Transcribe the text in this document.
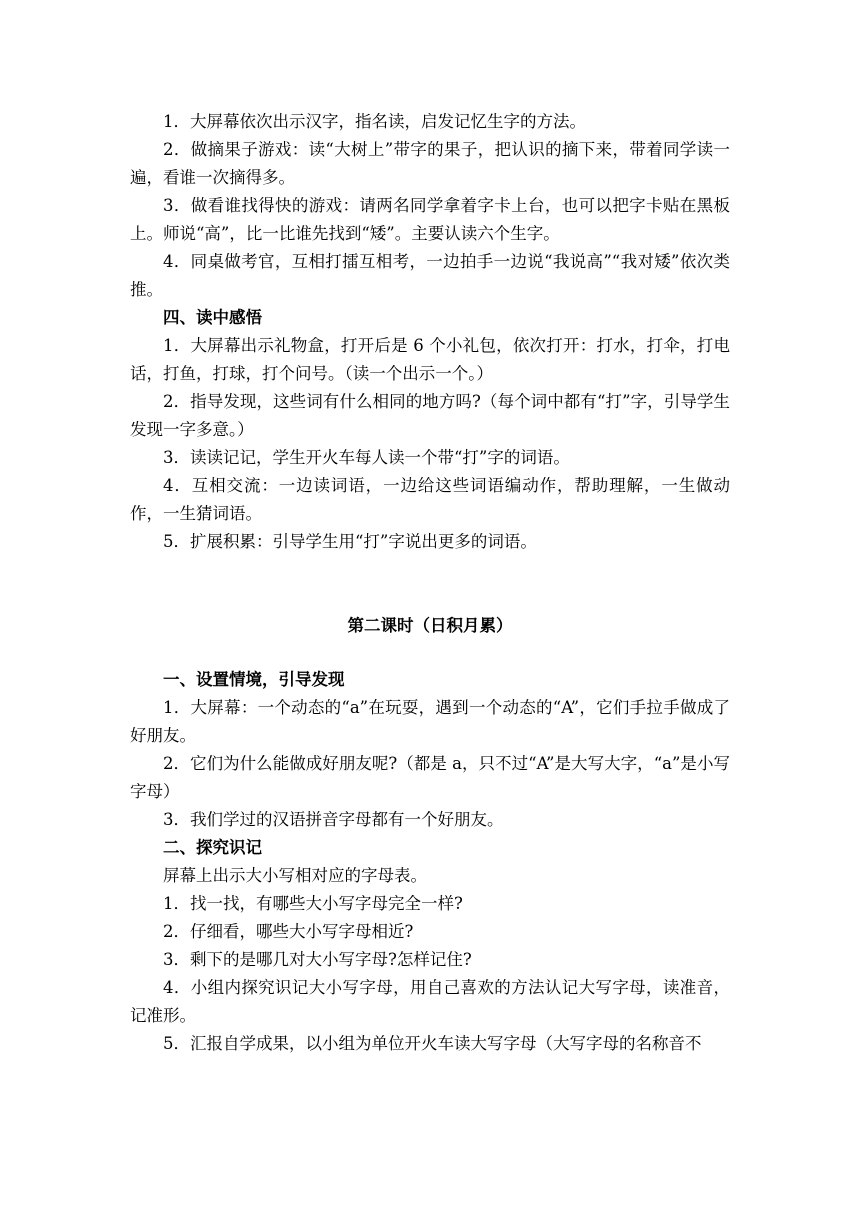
1．大屏幕依次出示汉字，指名读，启发记忆生字的方法。

2．做摘果子游戏：读“大树上”带字的果子，把认识的摘下来，带着同学读一遍，看谁一次摘得多。

3．做看谁找得快的游戏：请两名同学拿着字卡上台，也可以把字卡贴在黑板上。师说“高”，比一比谁先找到“矮”。主要认读六个生字。

4．同桌做考官，互相打擂互相考，一边拍手一边说“我说高”“我对矮”依次类推。

四、读中感悟

1．大屏幕出示礼物盒，打开后是 6 个小礼包，依次打开：打水，打伞，打电话，打鱼，打球，打个问号。（读一个出示一个。）

2．指导发现，这些词有什么相同的地方吗?（每个词中都有“打”字，引导学生发现一字多意。）

3．读读记记，学生开火车每人读一个带“打”字的词语。

4．互相交流：一边读词语，一边给这些词语编动作，帮助理解，一生做动作，一生猜词语。

5．扩展积累：引导学生用“打”字说出更多的词语。

第二课时（日积月累）

一、设置情境，引导发现

1．大屏幕：一个动态的“a”在玩耍，遇到一个动态的“A”，它们手拉手做成了好朋友。

2．它们为什么能做成好朋友呢?（都是 a，只不过“A”是大写大字，“a”是小写字母）

3．我们学过的汉语拼音字母都有一个好朋友。

二、探究识记

屏幕上出示大小写相对应的字母表。

1．找一找，有哪些大小写字母完全一样?

2．仔细看，哪些大小写字母相近?

3．剩下的是哪几对大小写字母?怎样记住?

4．小组内探究识记大小写字母，用自己喜欢的方法认记大写字母，读准音，记准形。

5．汇报自学成果，以小组为单位开火车读大写字母（大写字母的名称音不
